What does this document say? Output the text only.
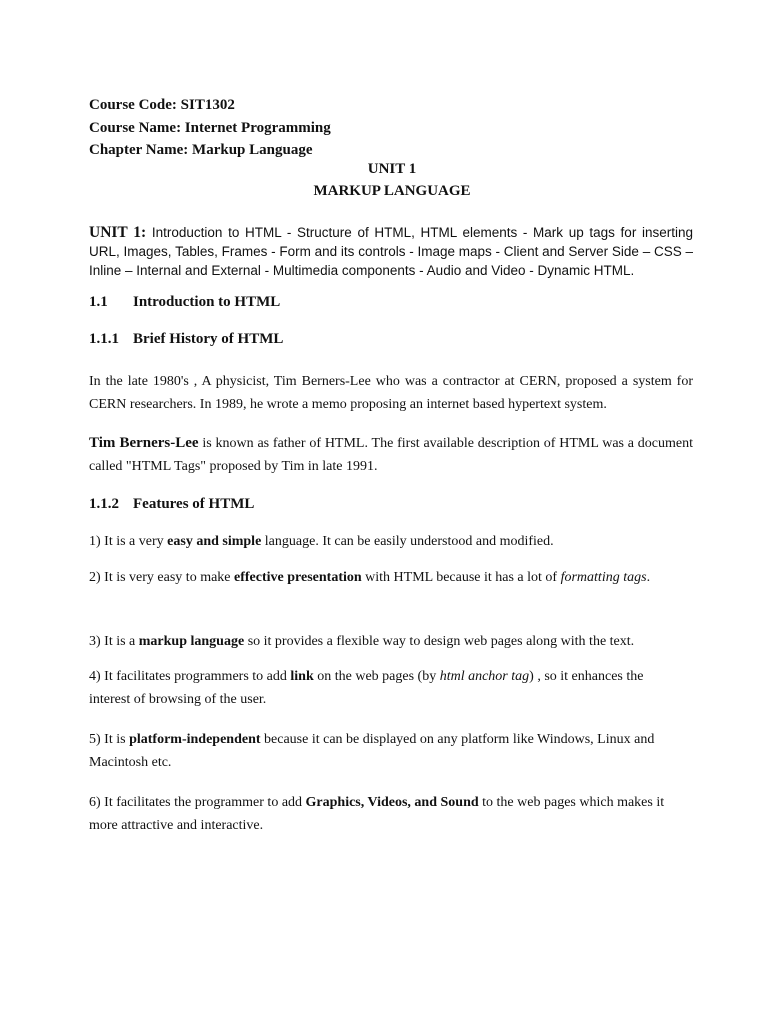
Course Code: SIT1302
Course Name: Internet Programming
Chapter Name: Markup Language
UNIT 1
MARKUP LANGUAGE
UNIT 1: Introduction to HTML - Structure of HTML, HTML elements - Mark up tags for inserting URL, Images, Tables, Frames - Form and its controls - Image maps - Client and Server Side – CSS – Inline – Internal and External - Multimedia components - Audio and Video - Dynamic HTML.
1.1 Introduction to HTML
1.1.1 Brief History of HTML
In the late 1980's , A physicist, Tim Berners-Lee who was a contractor at CERN, proposed a system for CERN researchers. In 1989, he wrote a memo proposing an internet based hypertext system.
Tim Berners-Lee is known as father of HTML. The first available description of HTML was a document called "HTML Tags" proposed by Tim in late 1991.
1.1.2 Features of HTML
1) It is a very easy and simple language. It can be easily understood and modified.
2) It is very easy to make effective presentation with HTML because it has a lot of formatting tags.
3) It is a markup language so it provides a flexible way to design web pages along with the text.
4) It facilitates programmers to add link on the web pages (by html anchor tag) , so it enhances the interest of browsing of the user.
5) It is platform-independent because it can be displayed on any platform like Windows, Linux and Macintosh etc.
6) It facilitates the programmer to add Graphics, Videos, and Sound to the web pages which makes it more attractive and interactive.
